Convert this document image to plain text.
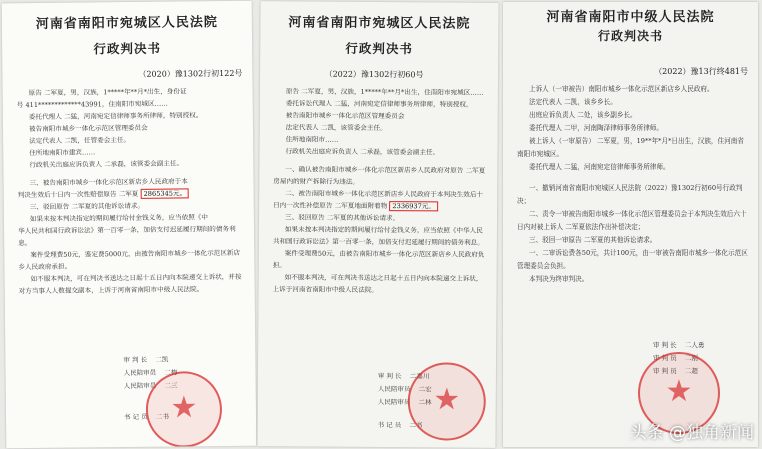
河南省南阳市宛城区人民法院
行政判决书
（2020）豫1302行初122号

原告 二军夏，男，汉族，1*****年**月*出生，身份证

号 411*************43991，住南阳市宛城区……

委托代理人 二猛，河南宛定信律师事务所律师，特别授权。

被告南阳市城乡一体化示范区管理委员会

法定代表人 二凯，任管委会主任。

住所地南阳市建宾……

行政机关出庭应诉负责人 二承磊，该管委会副主任。

三、被告南阳市城乡一体化示范区新店乡人民政府于本

判决生效后十日内一次性赔偿原告 二军夏 2865345元。

三、驳回原告 二军夏的其他诉讼请求。

如果未按本判决指定的期间履行给付金钱义务，应当依照《中

华人民共和国行政诉讼法》第一百零一条，加倍支付迟延履行期间的债务利息。

案件受理费50元，鉴定费5000元，由被告南阳市城乡一体化示范区新店乡人民政府承担。

如不服本判决，可在判决书送达之日起十五日内向本院递交上诉状，并按对方当事人人数提交副本，上诉于河南省南阳市中级人民法院。

审 判 长 二凯
人民陪审员 二梅
人民陪审员 二三
书 记 员 二书 ★
河南省南阳市宛城区人民法院
行政判决书
（2022）豫1302行初60号

原告 二军夏，男，汉族，1*****年**月*出生，住南阳市宛城区……

委托诉讼代理人 二猛，河南宛定信律师事务所律师，特别授权。

被告南阳市城乡一体化示范区管理委员会

法定代表人 二凯，该管委会主任。

住所地南阳市……

行政机关出庭应诉负责人 二承磊，该管委会副主任。

一、确认被告南阳市城乡一体化示范区新店乡人民政府对原告 二军夏房屋内的财产拆除行为违法。

二、被告南阳市城乡一体化示范区新店乡人民政府于本判决生效后十日内一次性补偿原告 二军夏地面附着物 2336937元。

三、驳回原告 二军夏的其他诉讼请求。

如果未按本判决指定的期间履行给付金钱义务，应当依照《中华人民共和国行政诉讼法》第一百零一条，加倍支付迟延履行期间的债务利息。

案件受理费50元，由被告南阳市城乡一体化示范区新店乡人民政府负担。

如不服本判决，可在判决书送达之日起十五日内向本院递交上诉状，上诉于河南省南阳市中级人民法院。

审 判 长 二嘉川
人民陪审员 二宏
人民陪审员 二林
书 记 员 二书
★
河南省南阳市中级人民法院
行政判决书
（2022）豫13行终481号

上诉人（一审被告）南阳市城乡一体化示范区新店乡人民政府。

法定代表人 二凯，该乡乡长。

出庭应诉负责人 二处，该乡副乡长。

委托代理人 二甲，河南陶泽律师事务所律师。

被上诉人（一审原告） 二军夏，男，19**年*月*日出生，汉族，住河南省南阳市宛城区。

委托代理人 二猛，河南宛定信律师事务所律师。

一、撤销河南省南阳市宛城区人民法院（2022）豫1302行初60号行政判决；

二、责令一审被告南阳市城乡一体化示范区管理委员会于本判决生效后六十日内对被上诉人 二军夏依法作出补偿决定；

三、驳回一审原告 二军夏的其他诉讼请求。

一、二审诉讼费各50元，共计100元，由一审被告南阳市城乡一体化示范区管理委员会负担。

本判决为终审判决。

审 判 长 二人勇
审 判 员 二刚
审 判 员 二超
★
头条 @独角新闻
